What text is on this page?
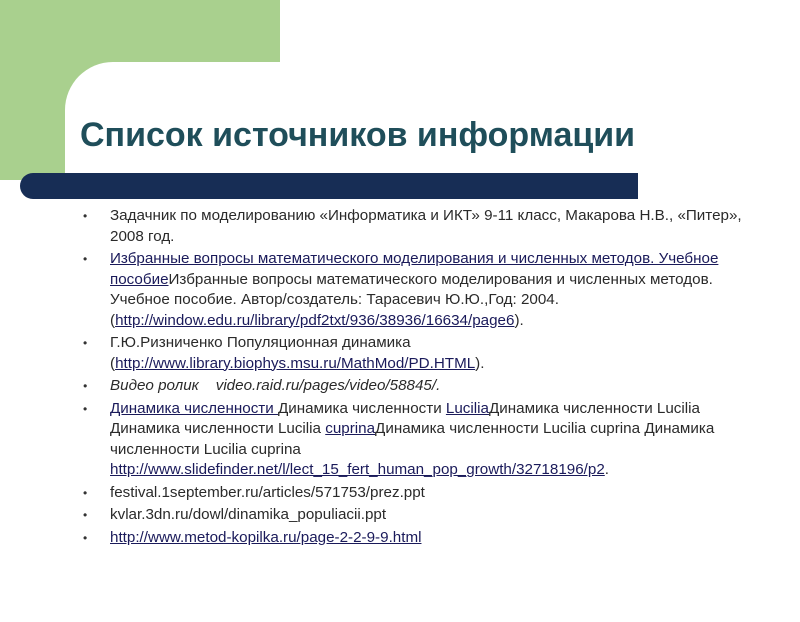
Список источников информации
• Задачник по моделированию «Информатика и ИКТ» 9-11 класс, Макарова Н.В., «Питер», 2008 год.
• Избранные вопросы математического моделирования и численных методов. Учебное пособиеИзбранные вопросы математического моделирования и численных методов. Учебное пособие. Автор/создатель: Тарасевич Ю.Ю.,Год: 2004. (http://window.edu.ru/library/pdf2txt/936/38936/16634/page6).
• Г.Ю.Ризниченко Популяционная динамика (http://www.library.biophys.msu.ru/MathMod/PD.HTML).
• Видео ролик video.raid.ru/pages/video/58845/.
• Динамика численности Динамика численности LuciliaДинамика численности Lucilia Динамика численности Lucilia cuprinaДинамика численности Lucilia cuprina Динамика численности Lucilia cuprina http://www.slidefinder.net/l/lect_15_fert_human_pop_growth/32718196/p2.
• festival.1september.ru/articles/571753/prez.ppt
• kvlar.3dn.ru/dowl/dinamika_populiacii.ppt
• http://www.metod-kopilka.ru/page-2-2-9-9.html
